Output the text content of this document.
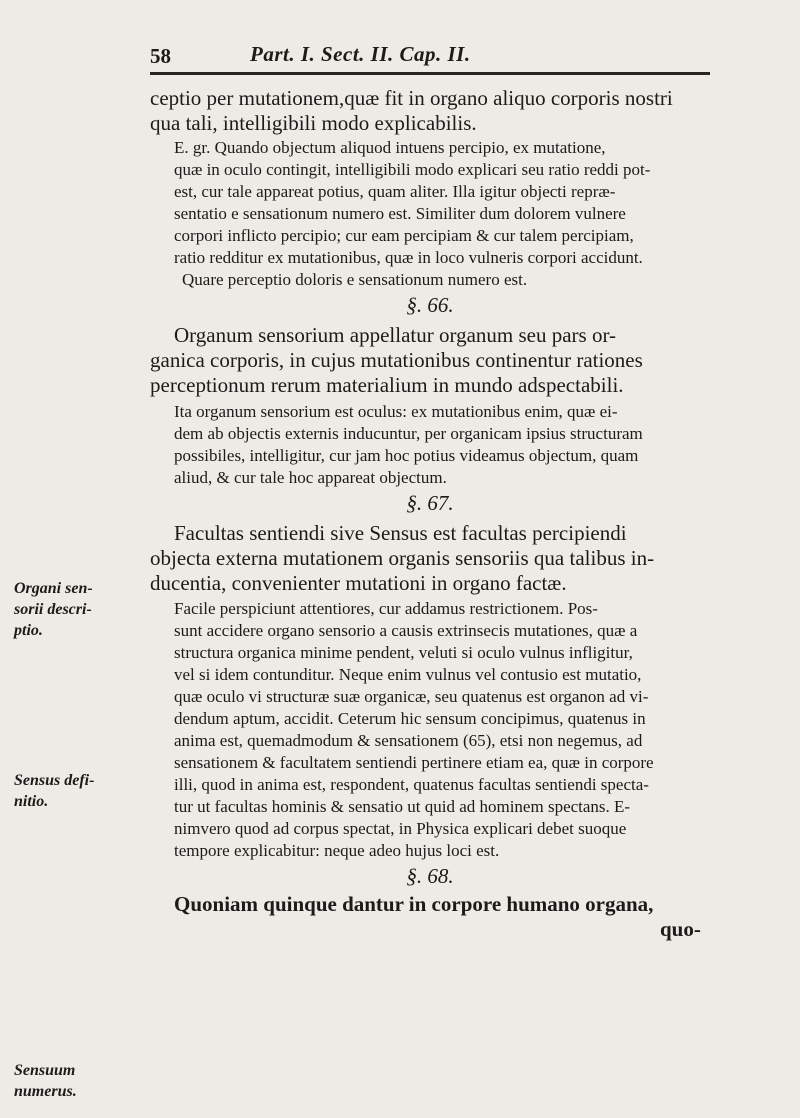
58	Part. I. Sect. II. Cap. II.
Organi sen-
sorii descri-
ptio.
Sensus defi-
nitio.
Sensuum
numerus.
ceptio per mutationem,quæ fit in organo aliquo corporis nostri
qua tali, intelligibili modo explicabilis.
E. gr. Quando objectum aliquod intuens percipio, ex mutatione,
quæ in oculo contingit, intelligibili modo explicari seu ratio reddi pot-
est, cur tale appareat potius, quam aliter. Illa igitur objecti repræ-
sentatio e sensationum numero est. Similiter dum dolorem vulnere
corpori inflicto percipio; cur eam percipiam & cur talem percipiam,
ratio redditur ex mutationibus, quæ in loco vulneris corpori accidunt.
Quare perceptio doloris e sensationum numero est.
§. 66.
Organum sensorium appellatur organum seu pars or-
ganica corporis, in cujus mutationibus continentur rationes
perceptionum rerum materialium in mundo adspectabili.
Ita organum sensorium est oculus: ex mutationibus enim, quæ ei-
dem ab objectis externis inducuntur, per organicam ipsius structuram
possibiles, intelligitur, cur jam hoc potius videamus objectum, quam
aliud, & cur tale hoc appareat objectum.
§. 67.
Facultas sentiendi sive Sensus est facultas percipiendi
objecta externa mutationem organis sensoriis qua talibus in-
ducentia, convenienter mutationi in organo factæ.
Facile perspiciunt attentiores, cur addamus restrictionem. Pos-
sunt accidere organo sensorio a causis extrinsecis mutationes, quæ a
structura organica minime pendent, veluti si oculo vulnus infligitur,
vel si idem contunditur. Neque enim vulnus vel contusio est mutatio,
quæ oculo vi structuræ suæ organicæ, seu quatenus est organon ad vi-
dendum aptum, accidit. Ceterum hic sensum concipimus, quatenus in
anima est, quemadmodum & sensationem (65), etsi non negemus, ad
sensationem & facultatem sentiendi pertinere etiam ea, quæ in corpore
illi, quod in anima est, respondent, quatenus facultas sentiendi specta-
tur ut facultas hominis & sensatio ut quid ad hominem spectans. E-
nimvero quod ad corpus spectat, in Physica explicari debet suoque
tempore explicabitur: neque adeo hujus loci est.
§. 68.
Quoniam quinque dantur in corpore humano organa,
quo-
